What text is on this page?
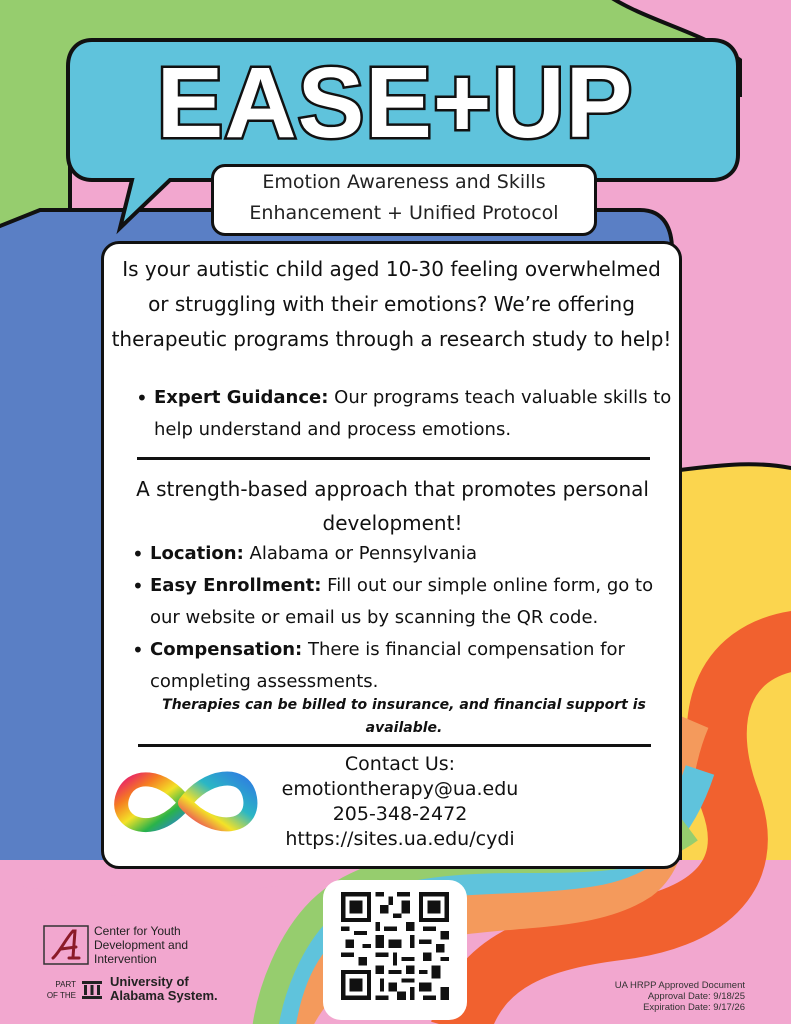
EASE+UP
Emotion Awareness and Skills
Enhancement + Unified Protocol
Is your autistic child aged 10-30 feeling overwhelmed or struggling with their emotions? We’re offering therapeutic programs through a research study to help!
• Expert Guidance: Our programs teach valuable skills to help understand and process emotions.
A strength-based approach that promotes personal development!
• Location: Alabama or Pennsylvania
• Easy Enrollment: Fill out our simple online form, go to our website or email us by scanning the QR code.
• Compensation: There is financial compensation for completing assessments.
Therapies can be billed to insurance, and financial support is available.
Contact Us:
emotiontherapy@ua.edu
205-348-2472
https://sites.ua.edu/cydi
Center for Youth
Development and
Intervention
PART
OF THE
University of
Alabama System.
UA HRPP Approved Document
Approval Date: 9/18/25
Expiration Date: 9/17/26
